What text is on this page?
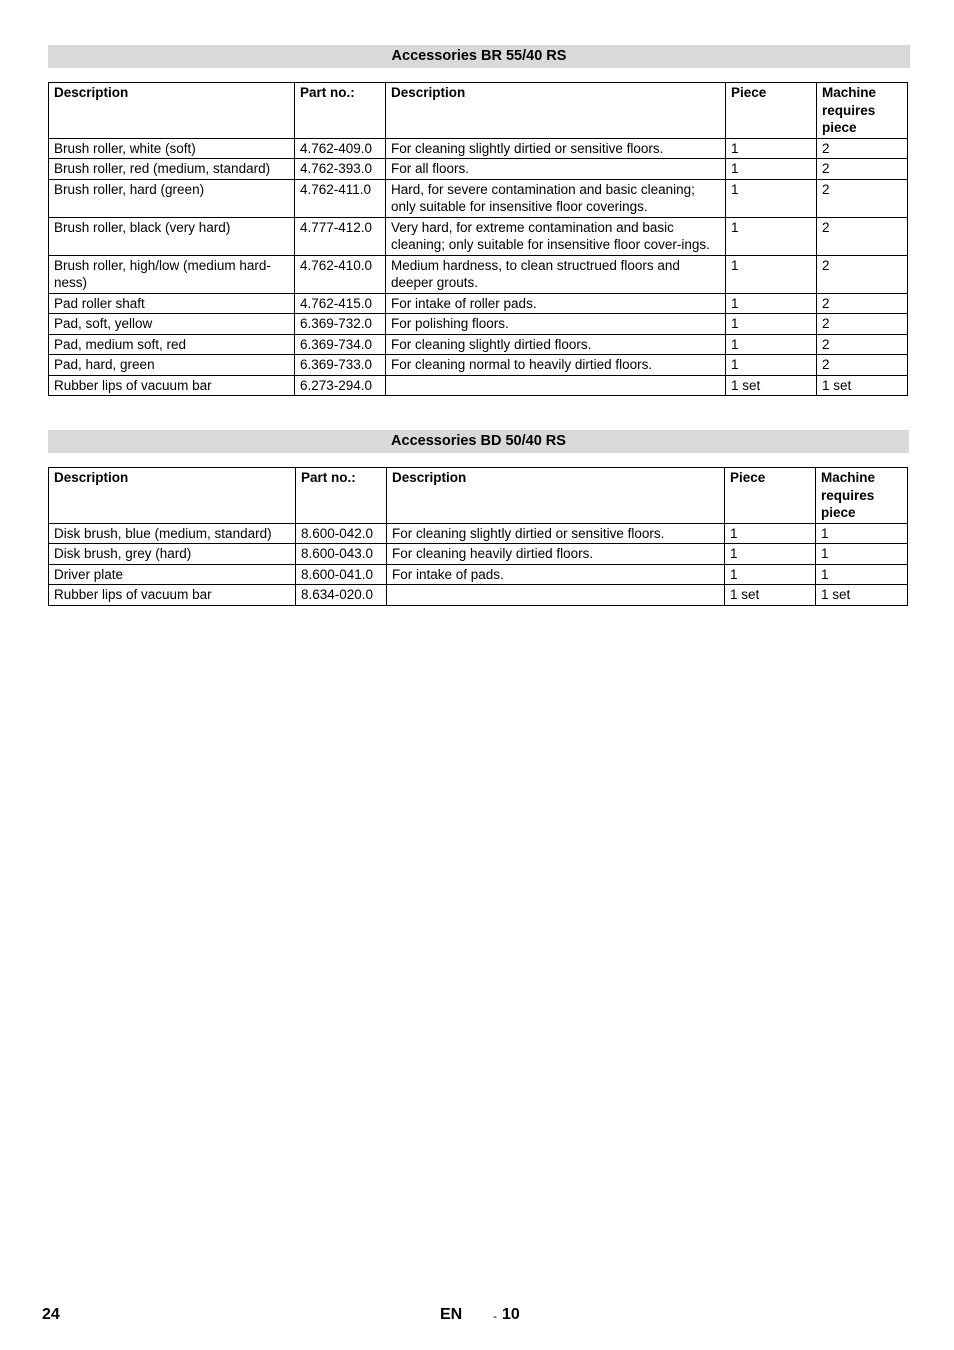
Accessories BR 55/40 RS
Description	Part no.:	Description	Piece	Machine requires piece
Brush roller, white (soft)	4.762-409.0	For cleaning slightly dirtied or sensitive floors.	1	2
Brush roller, red (medium, standard)	4.762-393.0	For all floors.	1	2
Brush roller, hard (green)	4.762-411.0	Hard, for severe contamination and basic cleaning; only suitable for insensitive floor coverings.	1	2
Brush roller, black (very hard)	4.777-412.0	Very hard, for extreme contamination and basic cleaning; only suitable for insensitive floor cover-ings.	1	2
Brush roller, high/low (medium hard-ness)	4.762-410.0	Medium hardness, to clean structrued floors and deeper grouts.	1	2
Pad roller shaft	4.762-415.0	For intake of roller pads.	1	2
Pad, soft, yellow	6.369-732.0	For polishing floors.	1	2
Pad, medium soft, red	6.369-734.0	For cleaning slightly dirtied floors.	1	2
Pad, hard, green	6.369-733.0	For cleaning normal to heavily dirtied floors.	1	2
Rubber lips of vacuum bar	6.273-294.0		1 set	1 set
Accessories BD 50/40 RS
Description	Part no.:	Description	Piece	Machine requires piece
Disk brush, blue (medium, standard)	8.600-042.0	For cleaning slightly dirtied or sensitive floors.	1	1
Disk brush, grey (hard)	8.600-043.0	For cleaning heavily dirtied floors.	1	1
Driver plate	8.600-041.0	For intake of pads.	1	1
Rubber lips of vacuum bar	8.634-020.0		1 set	1 set
24	EN	- 10
